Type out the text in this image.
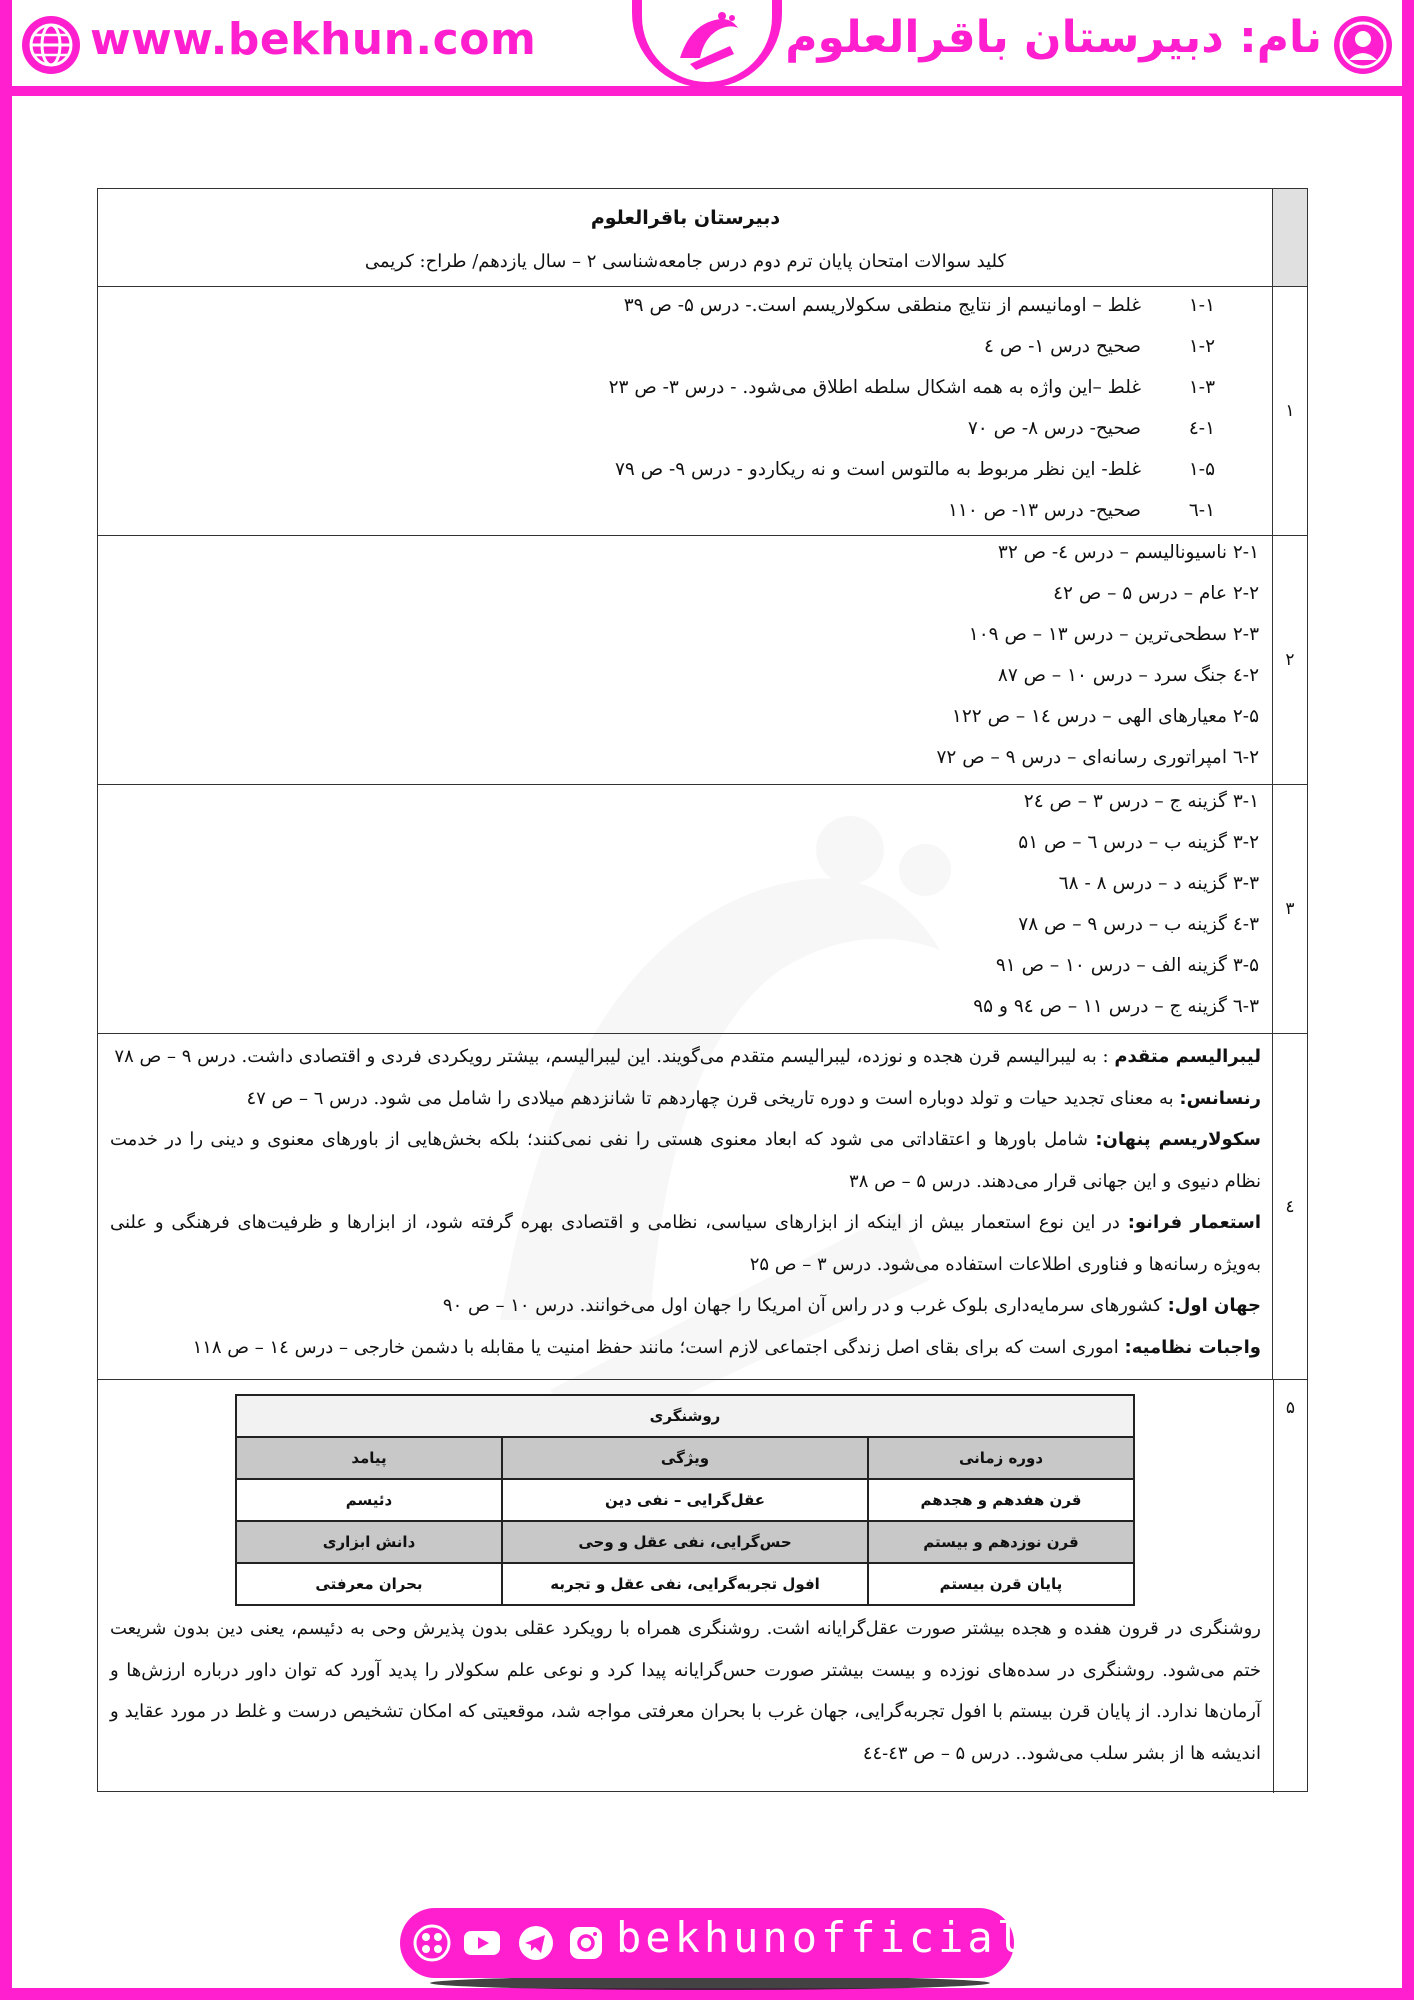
www.bekhun.com	نام: دبیرستان باقرالعلوم
دبیرستان باقرالعلوم
کلید سوالات امتحان پایان ترم دوم درس جامعه‌شناسی ۲ – سال یازدهم/ طراح: کریمی
۱
۱-۱غلط – اومانیسم از نتایج منطقی سکولاریسم است.- درس ۵- ص ۳۹
۱-۲صحیح درس ۱- ص ٤
۱-۳غلط –این واژه به همه اشکال سلطه اطلاق می‌شود. - درس ۳- ص ۲۳
۱-٤صحیح- درس ۸- ص ۷۰
۱-۵غلط- این نظر مربوط به مالتوس است و نه ریکاردو - درس ۹- ص ۷۹
۱-٦صحیح- درس ۱۳- ص ۱۱۰
۲
۲-۱ ناسیونالیسم – درس ٤- ص ۳۲
۲-۲ عام – درس ۵ – ص ٤۲
۲-۳ سطحی‌ترین – درس ۱۳ – ص ۱۰۹
۲-٤ جنگ سرد – درس ۱۰ – ص ۸۷
۲-۵ معیارهای الهی – درس ١٤ – ص ۱۲۲
۲-٦ امپراتوری رسانه‌ای – درس ۹ – ص ۷۲
۳
۳-۱ گزینه ج – درس ۳ – ص ۲٤
۳-۲ گزینه ب – درس ٦ – ص ۵۱
۳-۳ گزینه د – درس ۸ - ٦۸
۳-٤ گزینه ب – درس ۹ – ص ۷۸
۳-۵ گزینه الف – درس ۱۰ – ص ۹۱
۳-٦ گزینه ج – درس ۱۱ – ص ۹٤ و ۹۵
٤
لیبرالیسم متقدم : به لیبرالیسم قرن هجده و نوزده، لیبرالیسم متقدم می‌گویند. این لیبرالیسم، بیشتر رویکردی فردی و اقتصادی داشت. درس ۹ – ص ۷۸
رنسانس: به معنای تجدید حیات و تولد دوباره است و دوره تاریخی قرن چهاردهم تا شانزدهم میلادی را شامل می شود. درس ٦ – ص ٤۷
سکولاریسم پنهان: شامل باورها و اعتقاداتی می شود که ابعاد معنوی هستی را نفی نمی‌کنند؛ بلکه بخش‌هایی از باورهای معنوی و دینی را در خدمت نظام دنیوی و این جهانی قرار می‌دهند. درس ۵ – ص ۳۸
استعمار فرانو: در این نوع استعمار بیش از اینکه از ابزارهای سیاسی، نظامی و اقتصادی بهره گرفته شود، از ابزارها و ظرفیت‌های فرهنگی و علنی به‌ویژه رسانه‌ها و فناوری اطلاعات استفاده می‌شود. درس ۳ – ص ۲۵
جهان اول: کشورهای سرمایه‌داری بلوک غرب و در راس آن امریکا را جهان اول می‌خوانند. درس ۱۰ – ص ۹۰
واجبات نظامیه: اموری است که برای بقای اصل زندگی اجتماعی لازم است؛ مانند حفظ امنیت یا مقابله با دشمن خارجی – درس ١٤ – ص ۱۱۸
۵
روشنگری		
دوره زمانی	ویژگی	پیامد
قرن هفدهم و هجدهم	عقل‌گرایی – نفی دین	دئیسم
قرن نوزدهم و بیستم	حس‌گرایی، نفی عقل و وحی	دانش ابزاری
پایان قرن بیستم	افول تجربه‌گرایی، نفی عقل و تجربه	بحران معرفتی
روشنگری در قرون هفده و هجده بیشتر صورت عقل‌گرایانه اشت. روشنگری همراه با رویکرد عقلی بدون پذیرش وحی به دئیسم، یعنی دین بدون شریعت ختم می‌شود. روشنگری در سده‌های نوزده و بیست بیشتر صورت حس‌گرایانه پیدا کرد و نوعی علم سکولار را پدید آورد که توان داور درباره ارزش‌ها و آرمان‌ها ندارد. از پایان قرن بیستم با افول تجربه‌گرایی، جهان غرب با بحران معرفتی مواجه شد، موقعیتی که امکان تشخیص درست و غلط در مورد عقاید و اندیشه ها از بشر سلب می‌شود.. درس ۵ – ص ٤۳-٤٤
bekhunofficial
